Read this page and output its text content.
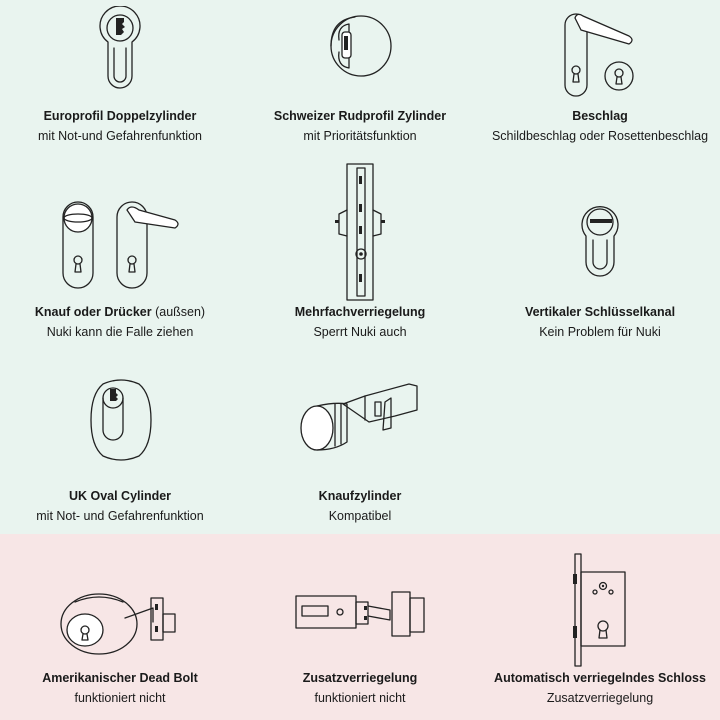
Europrofil Doppelzylinder
mit Not-und Gefahrenfunktion
Schweizer Rudprofil Zylinder
mit Prioritätsfunktion
Beschlag
Schildbeschlag oder Rosettenbeschlag
Knauf oder Drücker (außsen)
Nuki kann die Falle ziehen
Mehrfachverriegelung
Sperrt Nuki auch
Vertikaler Schlüsselkanal
Kein Problem für Nuki
UK Oval Cylinder
mit Not- und Gefahrenfunktion
Knaufzylinder
Kompatibel
Amerikanischer Dead Bolt
funktioniert nicht
Zusatzverriegelung
funktioniert nicht
Automatisch verriegelndes Schloss
Zusatzverriegelung
